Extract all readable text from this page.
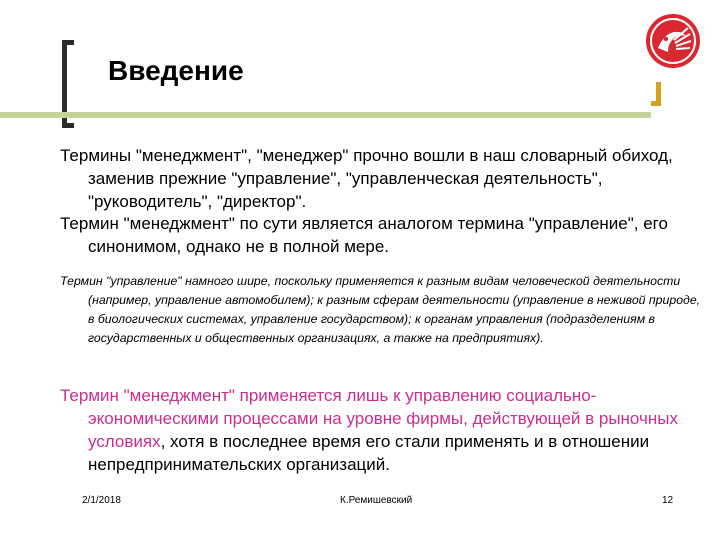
Введение
Термины "менеджмент", "менеджер" прочно вошли в наш словарный обиход, заменив прежние "управление", "управленческая деятельность", "руководитель", "директор".
Термин "менеджмент" по сути является аналогом термина "управление", его синонимом, однако не в полной мере.
Термин "управление" намного шире, поскольку применяется к разным видам человеческой деятельности (например, управление автомобилем); к разным сферам деятельности (управление в неживой природе, в биологических системах, управление государством); к органам управления (подразделениям в государственных и общественных организациях, а также на предприятиях).
Термин "менеджмент" применяется лишь к управлению социально-экономическими процессами на уровне фирмы, действующей в рыночных условиях, хотя в последнее время его стали применять и в отношении непредпринимательских организаций.
2/1/2018	К.Ремишевский	12
